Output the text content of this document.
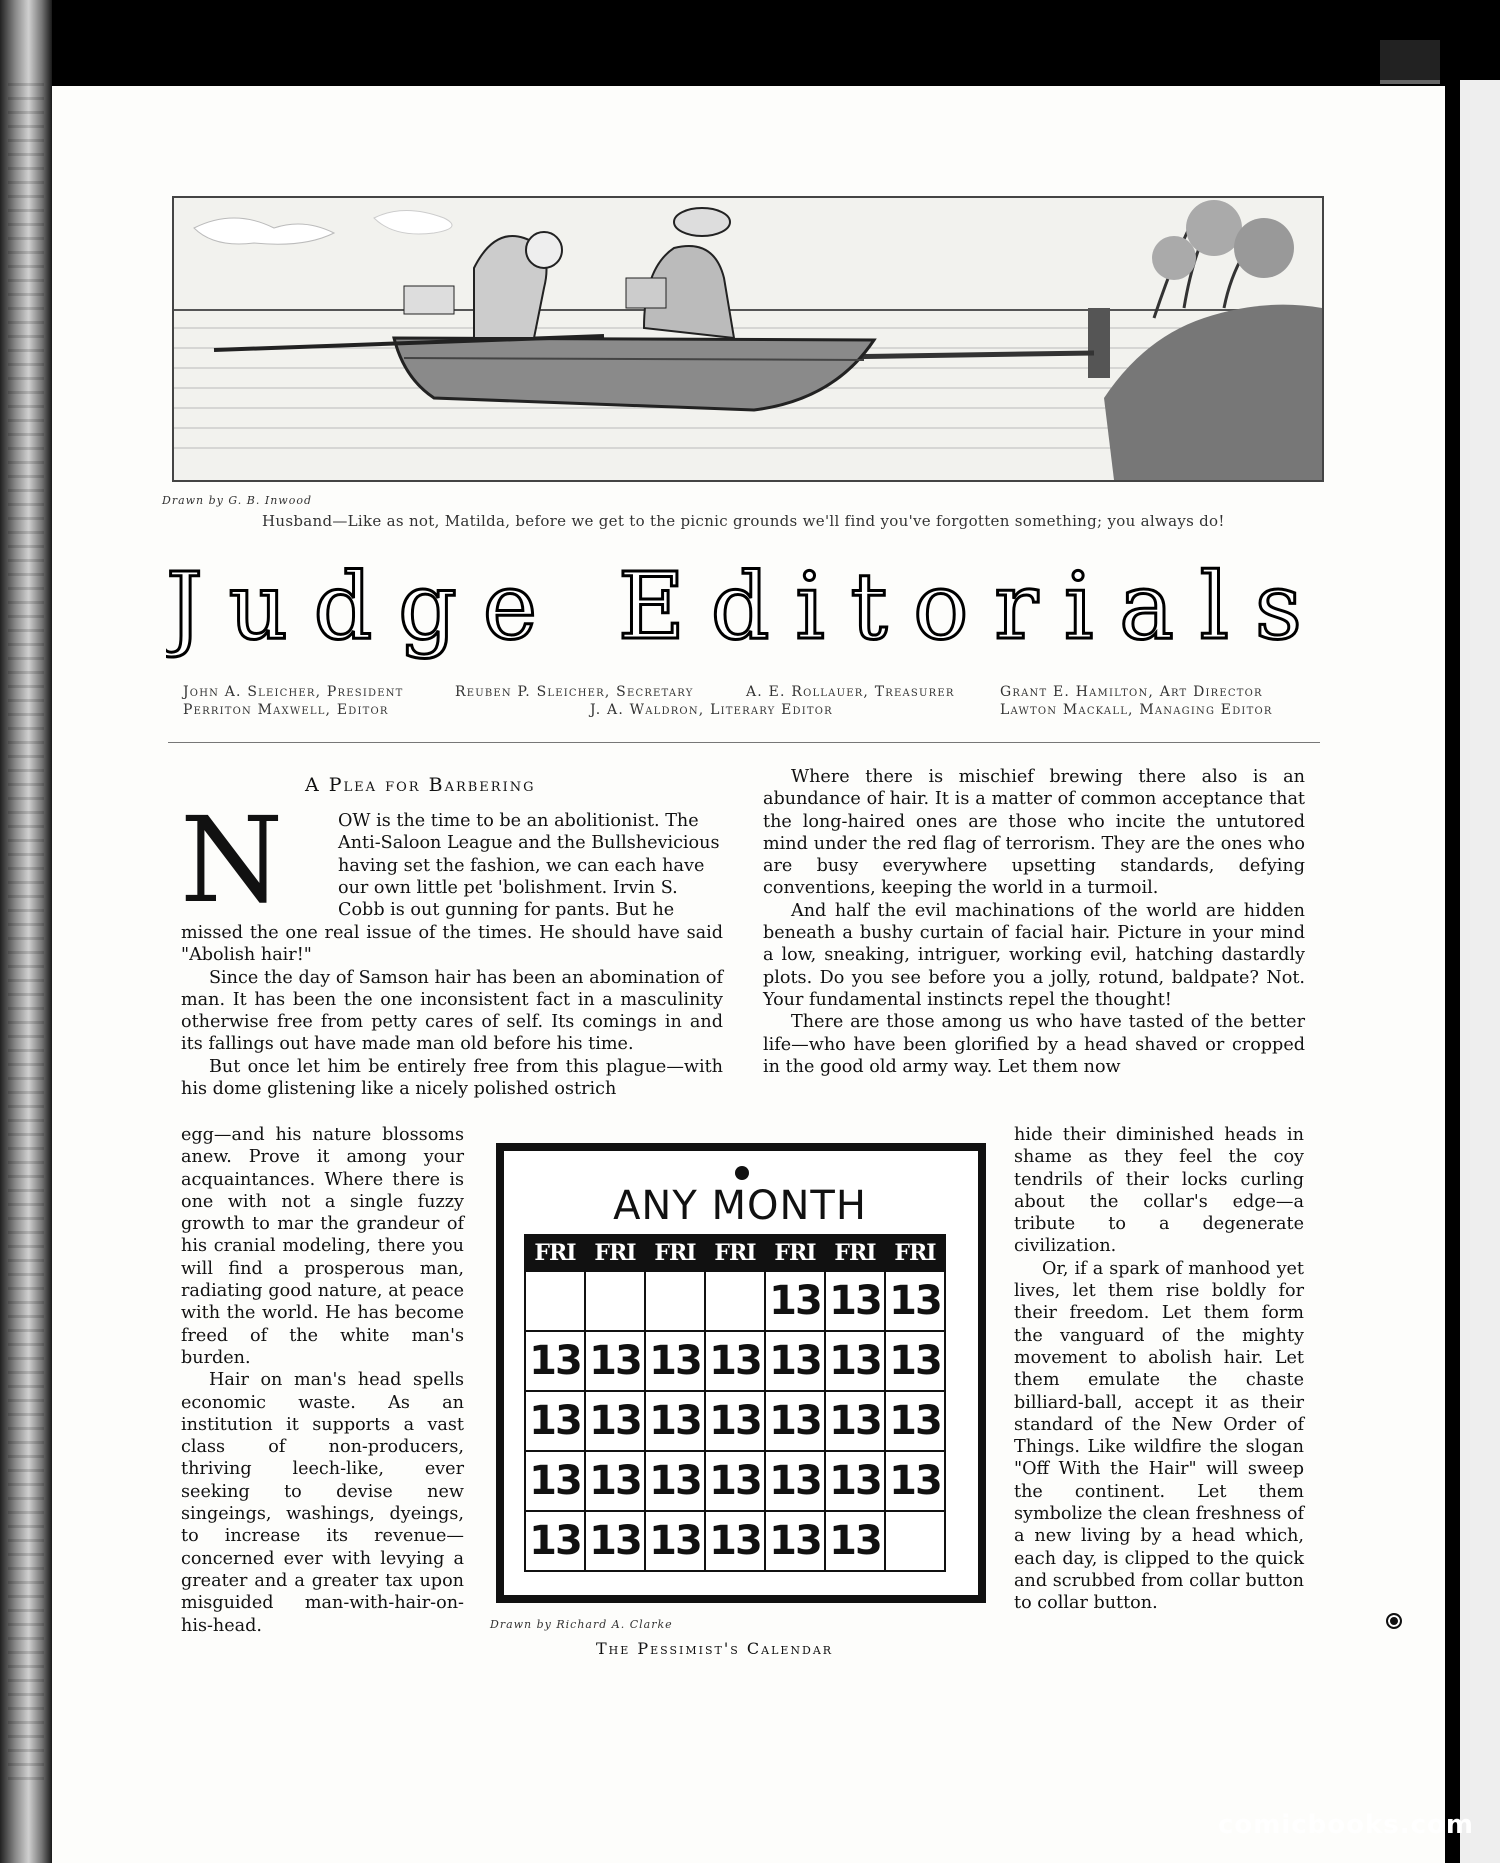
Drawn by G. B. Inwood
Husband—Like as not, Matilda, before we get to the picnic grounds we'll find you've forgotten something; you always do!
Judge Editorials
John A. Sleicher, President
Perriton Maxwell, Editor
Reuben P. Sleicher, Secretary
J. A. Waldron, Literary Editor
A. E. Rollauer, Treasurer	Grant E. Hamilton, Art Director
Lawton Mackall, Managing Editor
A Plea for Barbering
N	OW is the time to be an abolitionist. The
Anti-Saloon League and the Bullshevicious
having set the fashion, we can each have
our own little pet 'bolishment. Irvin S.
Cobb is out gunning for pants. But he

missed the one real issue of the times. He should have said "Abolish hair!"

Since the day of Samson hair has been an abomination of man. It has been the one inconsistent fact in a masculinity otherwise free from petty cares of self. Its comings in and its fallings out have made man old before his time.

But once let him be entirely free from this plague—with his dome glistening like a nicely polished ostrich

egg—and his nature blossoms anew. Prove it among your acquaintances. Where there is one with not a single fuzzy growth to mar the grandeur of his cranial modeling, there you will find a prosperous man, radiating good nature, at peace with the world. He has become freed of the white man's burden.

Hair on man's head spells economic waste. As an institution it supports a vast class of non-producers, thriving leech-like, ever seeking to devise new singeings, washings, dyeings, to increase its revenue—concerned ever with levying a greater and a greater tax upon misguided man-with-hair-on-his-head.

Where there is mischief brewing there also is an abundance of hair. It is a matter of common acceptance that the long-haired ones are those who incite the untutored mind under the red flag of terrorism. They are the ones who are busy everywhere upsetting standards, defying conventions, keeping the world in a turmoil.

And half the evil machinations of the world are hidden beneath a bushy curtain of facial hair. Picture in your mind a low, sneaking, intriguer, working evil, hatching dastardly plots. Do you see before you a jolly, rotund, baldpate? Not. Your fundamental instincts repel the thought!

There are those among us who have tasted of the better life—who have been glorified by a head shaved or cropped in the good old army way. Let them now

hide their diminished heads in shame as they feel the coy tendrils of their locks curling about the collar's edge—a tribute to a degenerate civilization.

Or, if a spark of manhood yet lives, let them rise boldly for their freedom. Let them form the vanguard of the mighty movement to abolish hair. Let them emulate the chaste billiard-ball, accept it as their standard of the New Order of Things. Like wildfire the slogan "Off With the Hair" will sweep the continent. Let them symbolize the clean freshness of a new living by a head which, each day, is clipped to the quick and scrubbed from collar button to collar button.

ANY MONTH
FRI	FRI	FRI	FRI	FRI	FRI	FRI
				13	13	13
13	13	13	13	13	13	13
13	13	13	13	13	13	13
13	13	13	13	13	13	13
13	13	13	13	13	13	
Drawn by Richard A. Clarke
The Pessimist's Calendar
comicbooks.com
